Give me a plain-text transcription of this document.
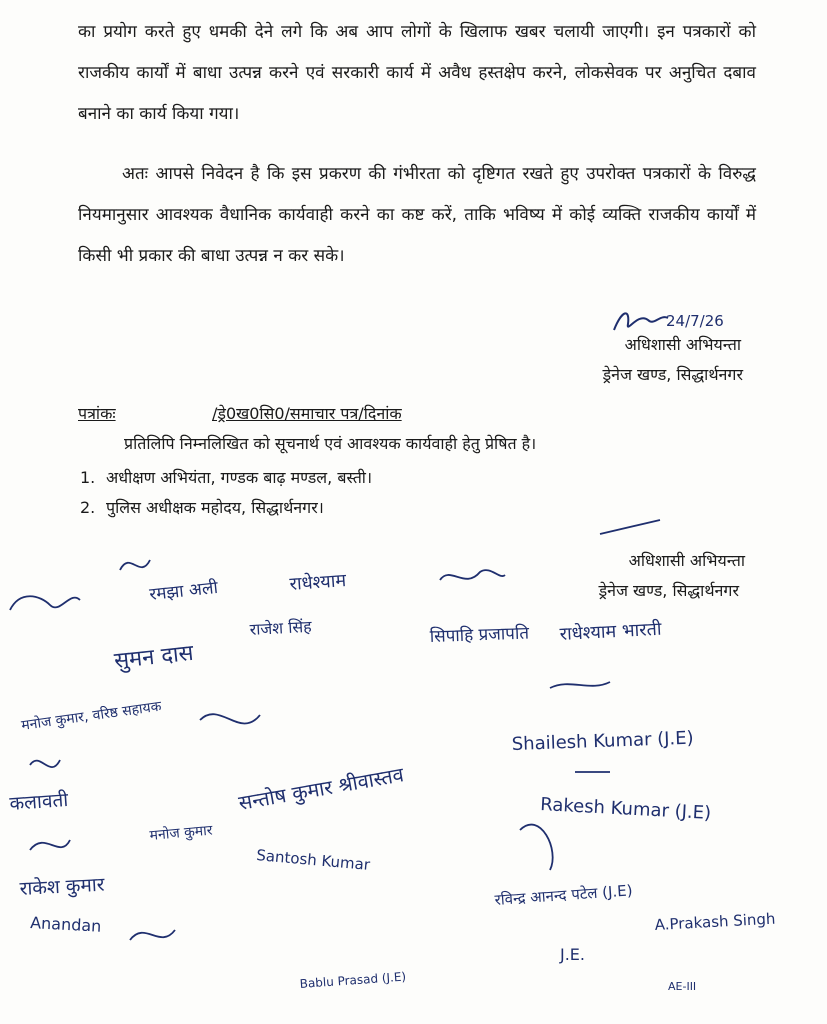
का प्रयोग करते हुए धमकी देने लगे कि अब आप लोगों के खिलाफ खबर चलायी जाएगी। इन पत्रकारों को राजकीय कार्यों में बाधा उत्पन्न करने एवं सरकारी कार्य में अवैध हस्तक्षेप करने, लोकसेवक पर अनुचित दबाव बनाने का कार्य किया गया।
अतः आपसे निवेदन है कि इस प्रकरण की गंभीरता को दृष्टिगत रखते हुए उपरोक्त पत्रकारों के विरुद्ध नियमानुसार आवश्यक वैधानिक कार्यवाही करने का कष्ट करें, ताकि भविष्य में कोई व्यक्ति राजकीय कार्यों में किसी भी प्रकार की बाधा उत्पन्न न कर सके।
24/7/26
अधिशासी अभियन्ता
ड्रेनेज खण्ड, सिद्धार्थनगर
पत्रांकः	/ड्रे0ख0सि0/समाचार पत्र/दिनांक
प्रतिलिपि निम्नलिखित को सूचनार्थ एवं आवश्यक कार्यवाही हेतु प्रेषित है।
1. अधीक्षण अभियंता, गण्डक बाढ़ मण्डल, बस्ती।
2. पुलिस अधीक्षक महोदय, सिद्धार्थनगर।
अधिशासी अभियन्ता
ड्रेनेज खण्ड, सिद्धार्थनगर
रमझा अली	राधेश्याम
सुमन दास
राजेश सिंह
मनोज कुमार, वरिष्ठ सहायक
सिपाहि प्रजापति राधेश्याम भारती
Shailesh Kumar (J.E)
कलावती	सन्तोष कुमार श्रीवास्तव	Rakesh Kumar (J.E)
मनोज कुमार
Santosh Kumar
राकेश कुमार	रविन्द्र आनन्द पटेल (J.E)
Anandan
Bablu Prasad (J.E)
A.Prakash Singh
J.E.
AE-III
